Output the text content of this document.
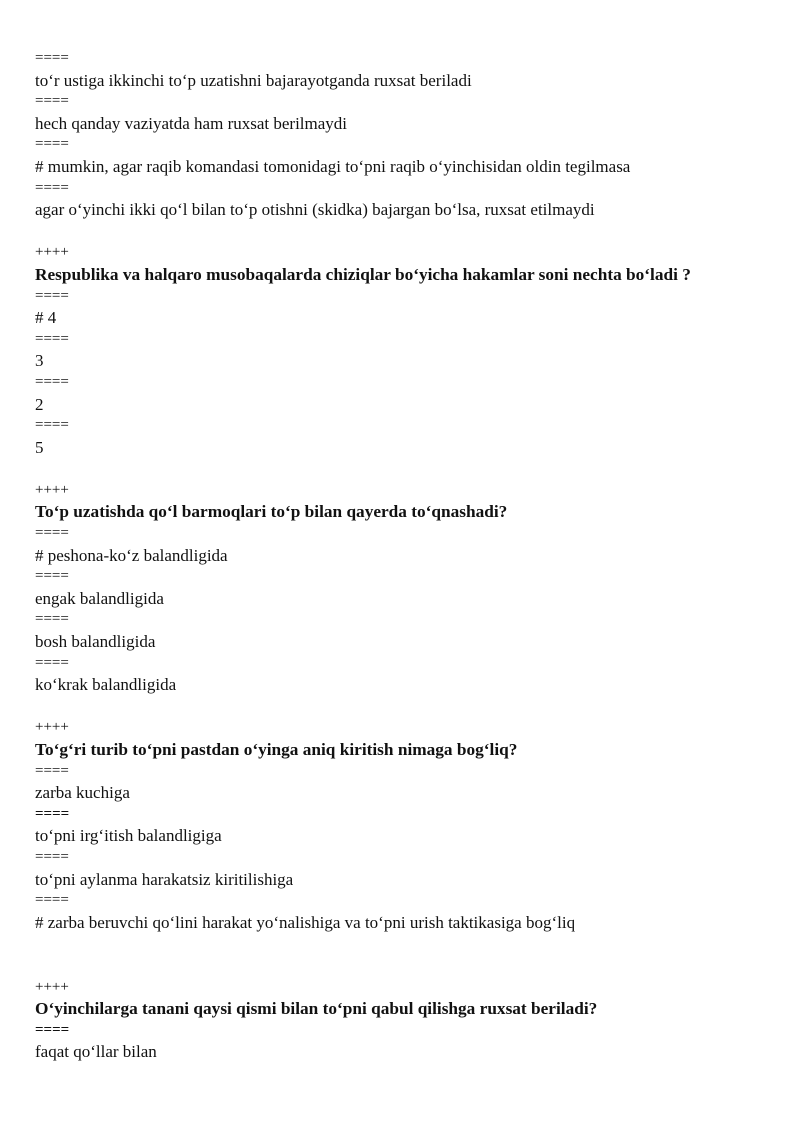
====
to‘r ustiga ikkinchi to‘p uzatishni bajarayotganda ruxsat beriladi
====
hech qanday vaziyatda ham ruxsat berilmaydi
====
# mumkin, agar raqib komandasi tomonidagi to‘pni raqib o‘yinchisidan oldin tegilmasa
====
agar o‘yinchi ikki qo‘l bilan to‘p otishni (skidka) bajargan bo‘lsa, ruxsat etilmaydi
++++
Respublika va halqaro musobaqalarda chiziqlar bo‘yicha hakamlar soni nechta bo‘ladi ?
====
# 4
====
3
====
2
====
5
++++
To‘p uzatishda qo‘l barmoqlari to‘p bilan qayerda to‘qnashadi?
====
# peshona-ko‘z balandligida
====
engak balandligida
====
bosh balandligida
====
ko‘krak balandligida
++++
To‘g‘ri turib to‘pni pastdan o‘yinga aniq kiritish nimaga bog‘liq?
====
zarba kuchiga
====
to‘pni irg‘itish balandligiga
====
to‘pni aylanma harakatsiz kiritilishiga
====
# zarba beruvchi qo‘lini harakat yo‘nalishiga va to‘pni urish taktikasiga bog‘liq
++++
O‘yinchilarga tanani qaysi qismi bilan to‘pni qabul qilishga ruxsat beriladi?
====
faqat qo‘llar bilan
